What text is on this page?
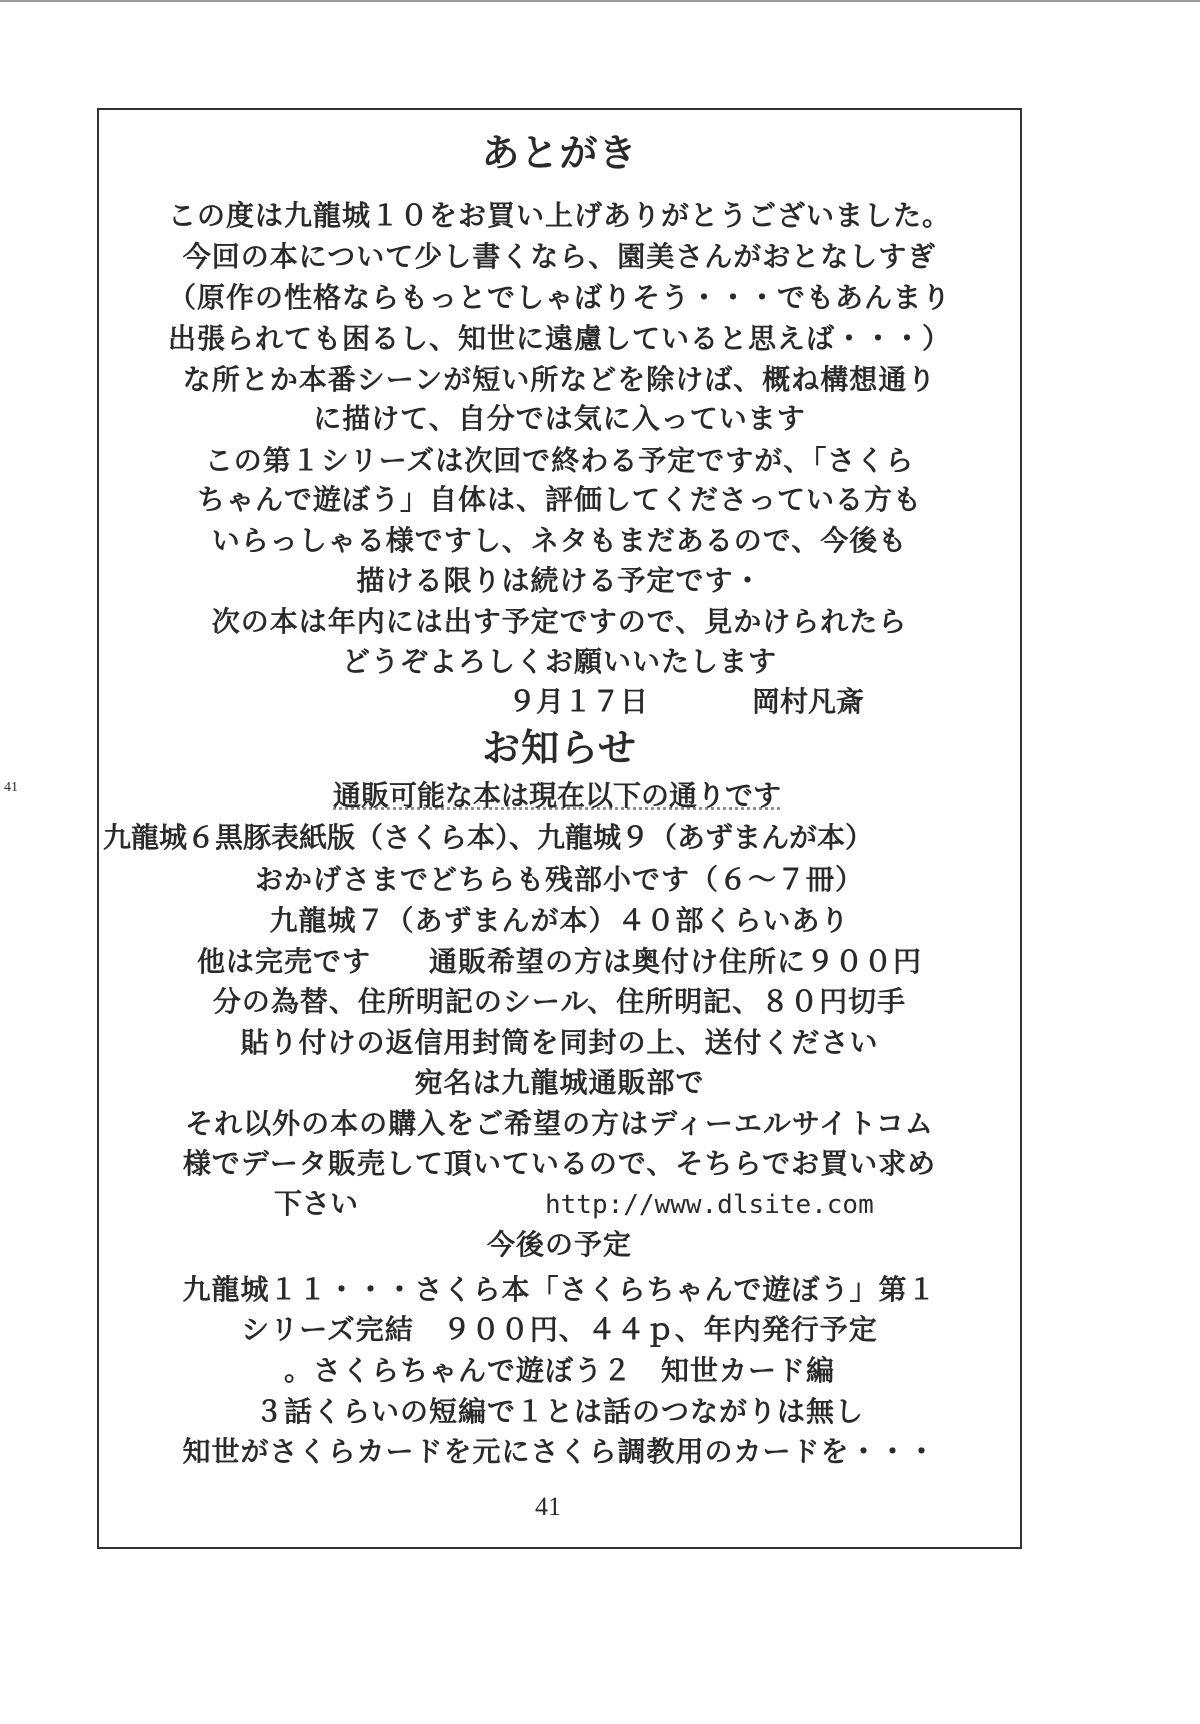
41
あとがき
この度は九龍城１０をお買い上げありがとうございました。
今回の本について少し書くなら、園美さんがおとなしすぎ
（原作の性格ならもっとでしゃばりそう・・・でもあんまり
出張られても困るし、知世に遠慮していると思えば・・・）
な所とか本番シーンが短い所などを除けば、概ね構想通り
に描けて、自分では気に入っています
この第１シリーズは次回で終わる予定ですが、「さくら
ちゃんで遊ぼう」自体は、評価してくださっている方も
いらっしゃる様ですし、ネタもまだあるので、今後も
描ける限りは続ける予定です・
次の本は年内には出す予定ですので、見かけられたら
どうぞよろしくお願いいたします
９月１７日	岡村凡斎
お知らせ
通販可能な本は現在以下の通りです
九龍城６黒豚表紙版（さくら本）、九龍城９（あずまんが本）
おかげさまでどちらも残部小です（６～７冊）
九龍城７（あずまんが本）４０部くらいあり
他は完売です　　通販希望の方は奥付け住所に９００円
分の為替、住所明記のシール、住所明記、８０円切手
貼り付けの返信用封筒を同封の上、送付ください
宛名は九龍城通販部で
それ以外の本の購入をご希望の方はディーエルサイトコム
様でデータ販売して頂いているので、そちらでお買い求め
下さい	http://www.dlsite.com
今後の予定
九龍城１１・・・さくら本「さくらちゃんで遊ぼう」第１
シリーズ完結　９００円、４４ｐ、年内発行予定
。さくらちゃんで遊ぼう２　知世カード編
３話くらいの短編で１とは話のつながりは無し
知世がさくらカードを元にさくら調教用のカードを・・・
41
